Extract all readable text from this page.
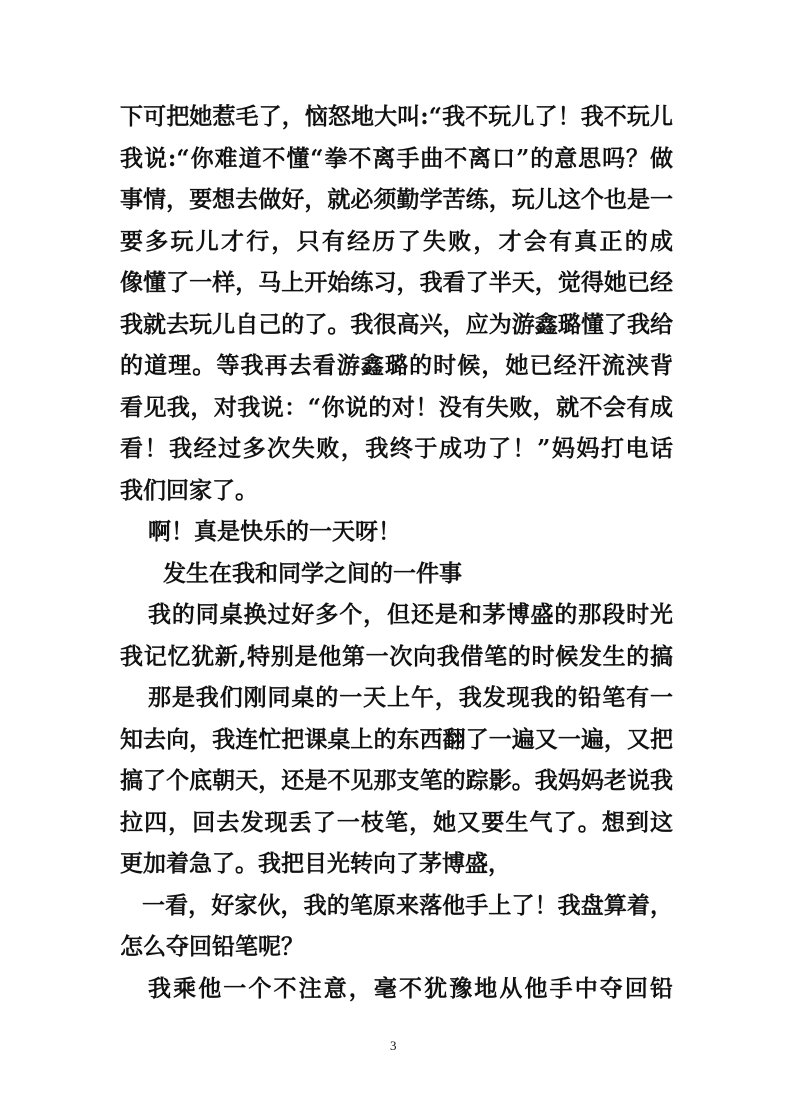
下可把她惹毛了，恼怒地大叫:“我不玩儿了！我不玩儿
我说:“你难道不懂“拳不离手曲不离口”的意思吗？做
事情，要想去做好，就必须勤学苦练，玩儿这个也是一
要多玩儿才行，只有经历了失败，才会有真正的成
像懂了一样，马上开始练习，我看了半天，觉得她已经
我就去玩儿自己的了。我很高兴，应为游鑫璐懂了我给
的道理。等我再去看游鑫璐的时候，她已经汗流浃背
看见我，对我说：“你说的对！没有失败，就不会有成
看！我经过多次失败，我终于成功了！”妈妈打电话
我们回家了。
啊！真是快乐的一天呀！
发生在我和同学之间的一件事
我的同桌换过好多个，但还是和茅博盛的那段时光
我记忆犹新,特别是他第一次向我借笔的时候发生的搞
那是我们刚同桌的一天上午，我发现我的铅笔有一
知去向，我连忙把课桌上的东西翻了一遍又一遍，又把
搞了个底朝天，还是不见那支笔的踪影。我妈妈老说我
拉四，回去发现丢了一枝笔，她又要生气了。想到这
更加着急了。我把目光转向了茅博盛，
一看，好家伙，我的笔原来落他手上了！我盘算着，
怎么夺回铅笔呢？
我乘他一个不注意，毫不犹豫地从他手中夺回铅
3
